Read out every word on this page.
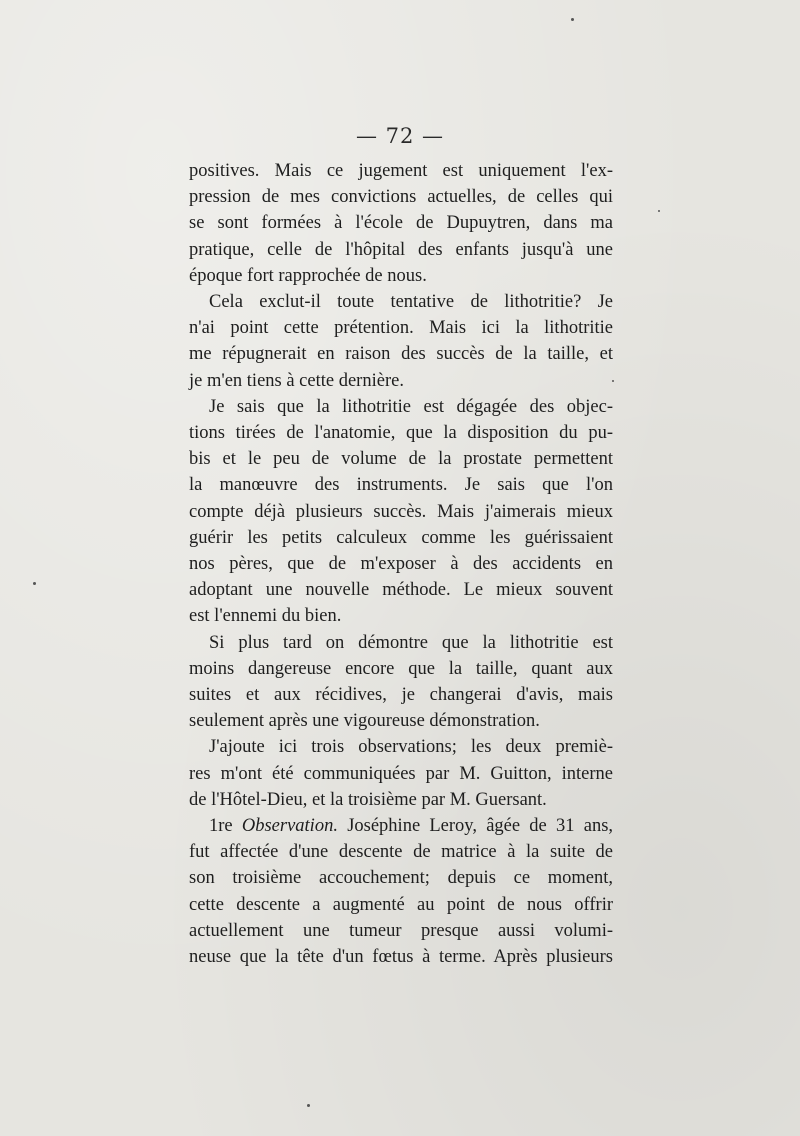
— 72 —

positives. Mais ce jugement est uniquement l'ex-
pression de mes convictions actuelles, de celles qui
se sont formées à l'école de Dupuytren, dans ma
pratique, celle de l'hôpital des enfants jusqu'à une
époque fort rapprochée de nous.

Cela exclut-il toute tentative de lithotritie? Je
n'ai point cette prétention. Mais ici la lithotritie
me répugnerait en raison des succès de la taille, et
je m'en tiens à cette dernière.

Je sais que la lithotritie est dégagée des objec-
tions tirées de l'anatomie, que la disposition du pu-
bis et le peu de volume de la prostate permettent
la manœuvre des instruments. Je sais que l'on
compte déjà plusieurs succès. Mais j'aimerais mieux
guérir les petits calculeux comme les guérissaient
nos pères, que de m'exposer à des accidents en
adoptant une nouvelle méthode. Le mieux souvent
est l'ennemi du bien.

Si plus tard on démontre que la lithotritie est
moins dangereuse encore que la taille, quant aux
suites et aux récidives, je changerai d'avis, mais
seulement après une vigoureuse démonstration.

J'ajoute ici trois observations; les deux premiè-
res m'ont été communiquées par M. Guitton, interne
de l'Hôtel-Dieu, et la troisième par M. Guersant.

1re Observation. Joséphine Leroy, âgée de 31 ans,
fut affectée d'une descente de matrice à la suite de
son troisième accouchement; depuis ce moment,
cette descente a augmenté au point de nous offrir
actuellement une tumeur presque aussi volumi-
neuse que la tête d'un fœtus à terme. Après plusieurs
